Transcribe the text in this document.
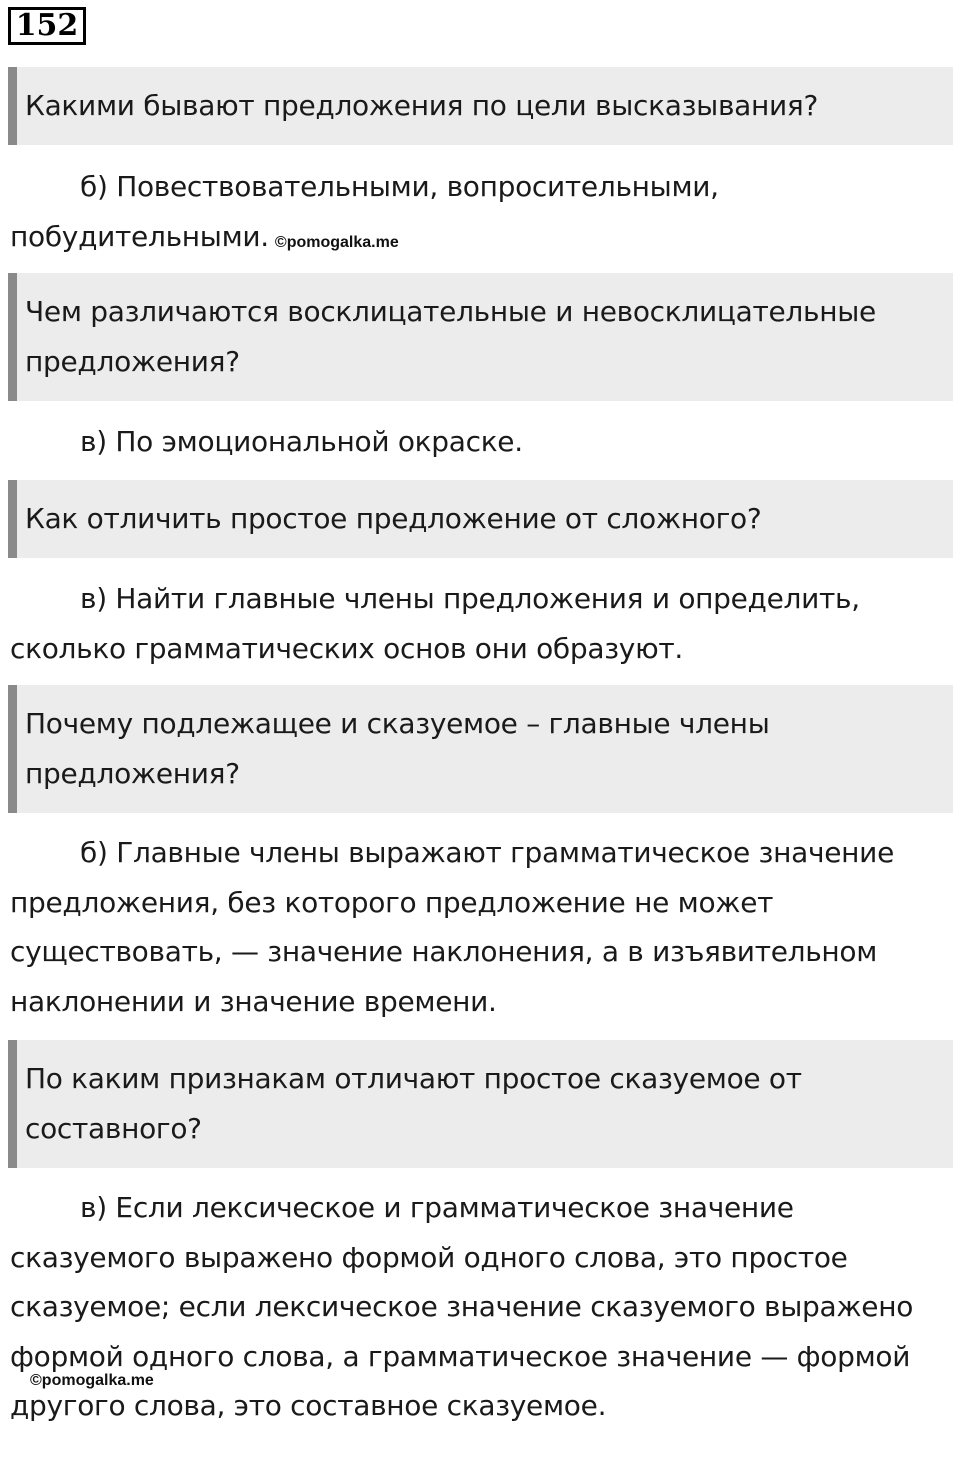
152
Какими бывают предложения по цели высказывания?

б) Повествовательными, вопросительными, побудительными. ©pomogalka.me

Чем различаются восклицательные и невосклицательные предложения?

в) По эмоциональной окраске.

Как отличить простое предложение от сложного?

в) Найти главные члены предложения и определить, сколько грамматических основ они образуют.

Почему подлежащее и сказуемое – главные члены предложения?

б) Главные члены выражают грамматическое значение предложения, без которого предложение не может существовать, — значение наклонения, а в изъявительном наклонении и значение времени.

По каким признакам отличают простое сказуемое от составного?

в) Если лексическое и грамматическое значение сказуемого выражено формой одного слова, это простое сказуемое; если лексическое значение сказуемого выражено формой одного слова, а грамматическое значение — формой другого слова, это составное сказуемое.

©pomogalka.me
